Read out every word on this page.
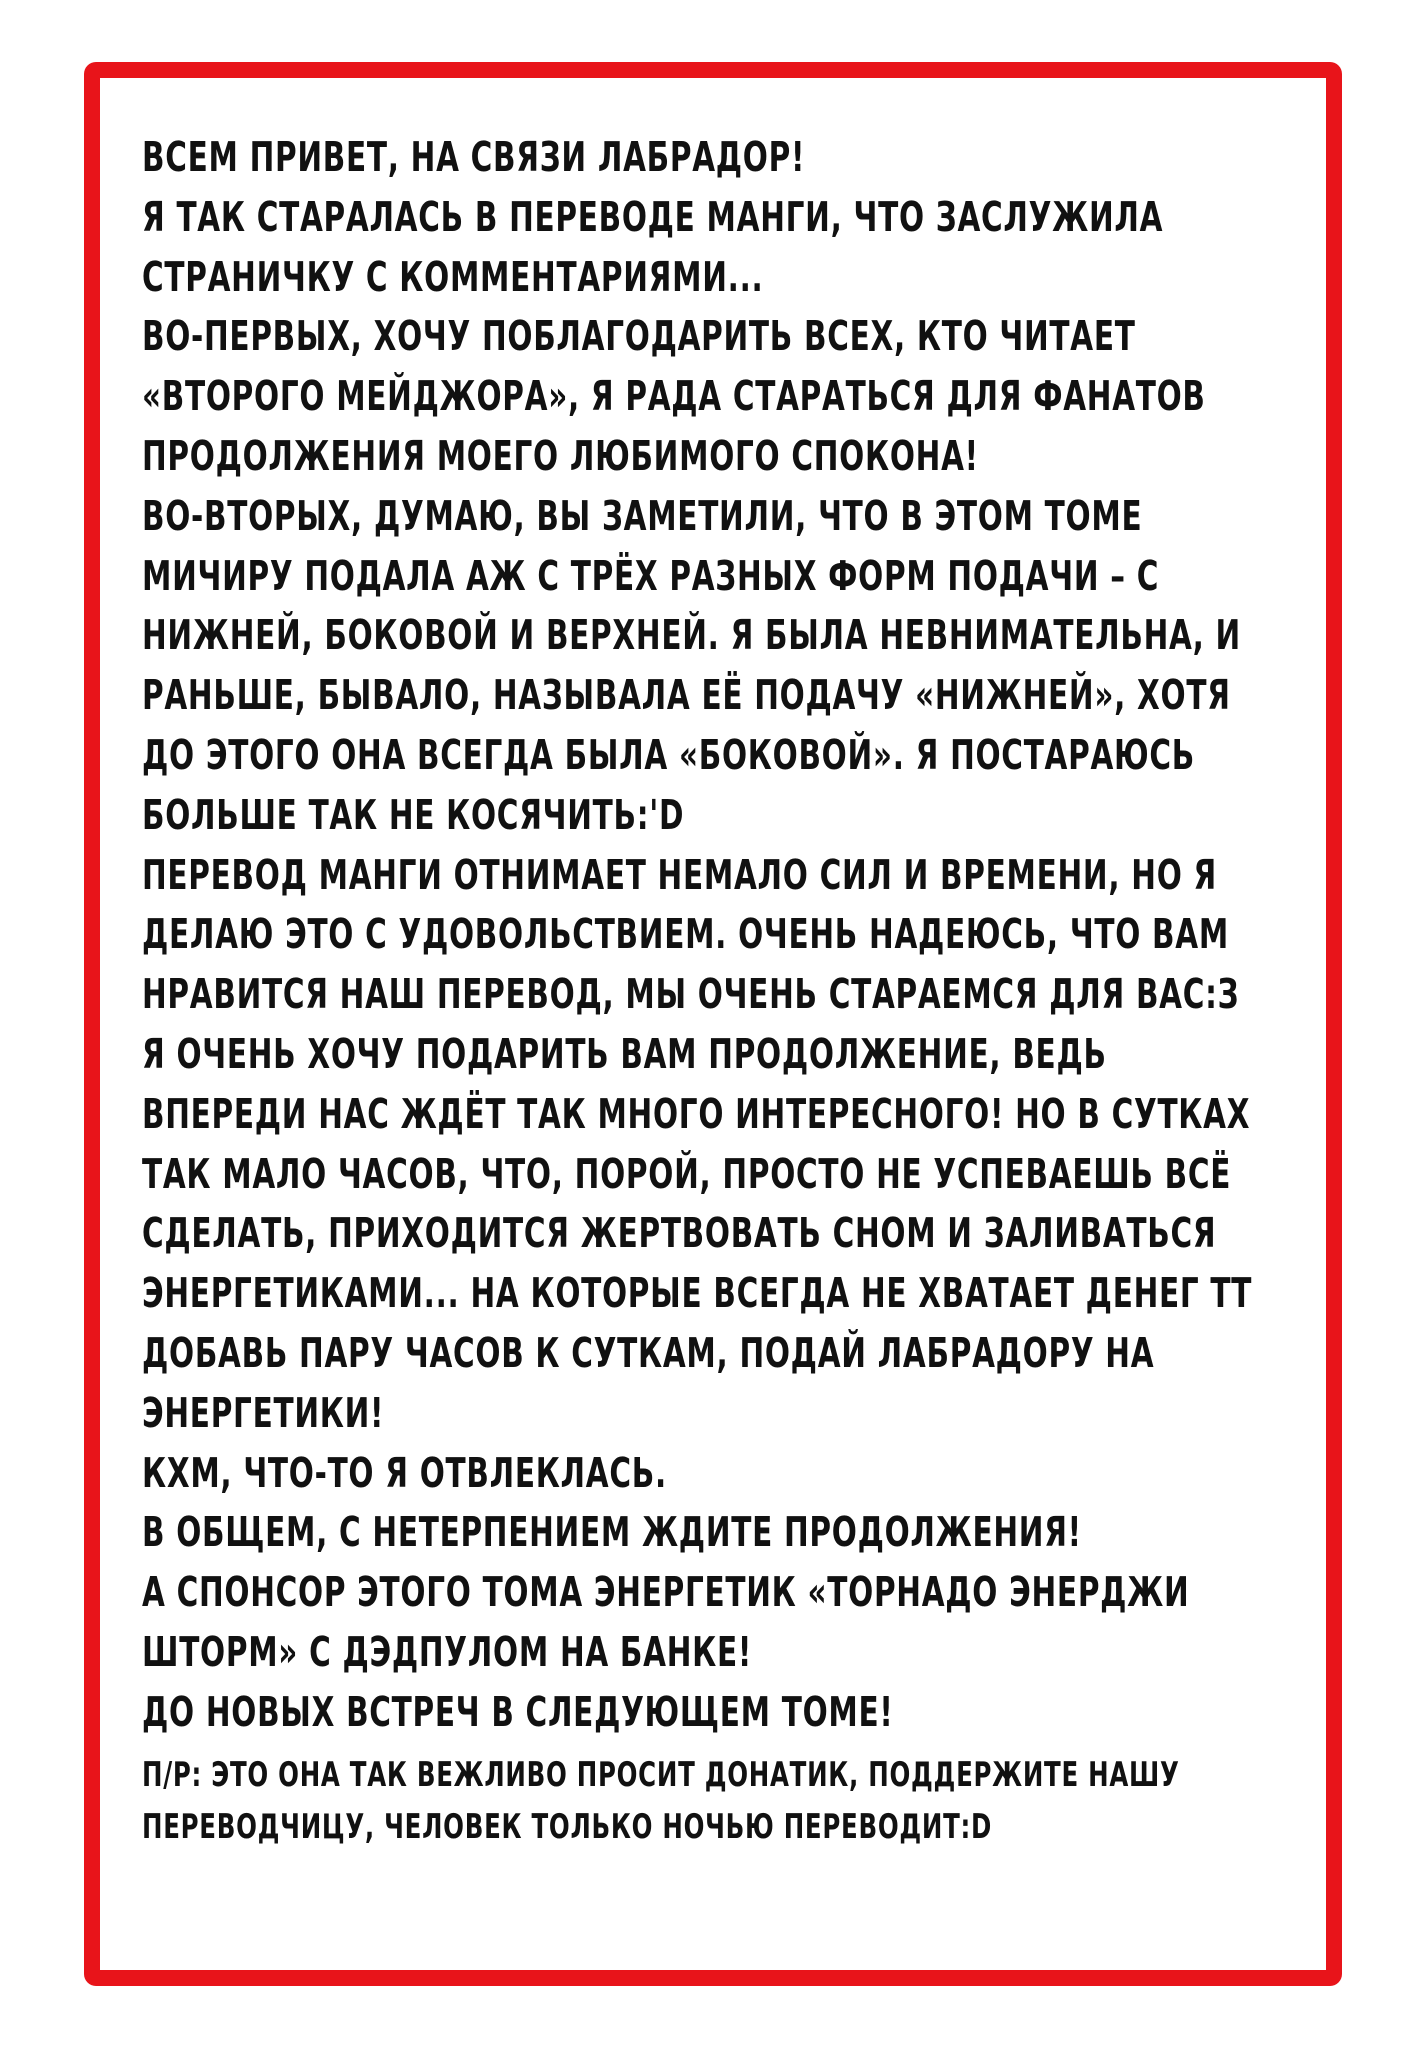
ВСЕМ ПРИВЕТ, НА СВЯЗИ ЛАБРАДОР!
Я ТАК СТАРАЛАСЬ В ПЕРЕВОДЕ МАНГИ, ЧТО ЗАСЛУЖИЛА
СТРАНИЧКУ С КОММЕНТАРИЯМИ...
ВО-ПЕРВЫХ, ХОЧУ ПОБЛАГОДАРИТЬ ВСЕХ, КТО ЧИТАЕТ
«ВТОРОГО МЕЙДЖОРА», Я РАДА СТАРАТЬСЯ ДЛЯ ФАНАТОВ
ПРОДОЛЖЕНИЯ МОЕГО ЛЮБИМОГО СПОКОНА!
ВО-ВТОРЫХ, ДУМАЮ, ВЫ ЗАМЕТИЛИ, ЧТО В ЭТОМ ТОМЕ
МИЧИРУ ПОДАЛА АЖ С ТРЁХ РАЗНЫХ ФОРМ ПОДАЧИ – С
НИЖНЕЙ, БОКОВОЙ И ВЕРХНЕЙ. Я БЫЛА НЕВНИМАТЕЛЬНА, И
РАНЬШЕ, БЫВАЛО, НАЗЫВАЛА ЕЁ ПОДАЧУ «НИЖНЕЙ», ХОТЯ
ДО ЭТОГО ОНА ВСЕГДА БЫЛА «БОКОВОЙ». Я ПОСТАРАЮСЬ
БОЛЬШЕ ТАК НЕ КОСЯЧИТЬ:'D
ПЕРЕВОД МАНГИ ОТНИМАЕТ НЕМАЛО СИЛ И ВРЕМЕНИ, НО Я
ДЕЛАЮ ЭТО С УДОВОЛЬСТВИЕМ. ОЧЕНЬ НАДЕЮСЬ, ЧТО ВАМ
НРАВИТСЯ НАШ ПЕРЕВОД, МЫ ОЧЕНЬ СТАРАЕМСЯ ДЛЯ ВАС:З
Я ОЧЕНЬ ХОЧУ ПОДАРИТЬ ВАМ ПРОДОЛЖЕНИЕ, ВЕДЬ
ВПЕРЕДИ НАС ЖДЁТ ТАК МНОГО ИНТЕРЕСНОГО! НО В СУТКАХ
ТАК МАЛО ЧАСОВ, ЧТО, ПОРОЙ, ПРОСТО НЕ УСПЕВАЕШЬ ВСЁ
СДЕЛАТЬ, ПРИХОДИТСЯ ЖЕРТВОВАТЬ СНОМ И ЗАЛИВАТЬСЯ
ЭНЕРГЕТИКАМИ... НА КОТОРЫЕ ВСЕГДА НЕ ХВАТАЕТ ДЕНЕГ ТТ
ДОБАВЬ ПАРУ ЧАСОВ К СУТКАМ, ПОДАЙ ЛАБРАДОРУ НА
ЭНЕРГЕТИКИ!
КХМ, ЧТО-ТО Я ОТВЛЕКЛАСЬ.
В ОБЩЕМ, С НЕТЕРПЕНИЕМ ЖДИТЕ ПРОДОЛЖЕНИЯ!
А СПОНСОР ЭТОГО ТОМА ЭНЕРГЕТИК «ТОРНАДО ЭНЕРДЖИ
ШТОРМ» С ДЭДПУЛОМ НА БАНКЕ!
ДО НОВЫХ ВСТРЕЧ В СЛЕДУЮЩЕМ ТОМЕ!
П/Р: ЭТО ОНА ТАК ВЕЖЛИВО ПРОСИТ ДОНАТИК, ПОДДЕРЖИТЕ НАШУ
ПЕРЕВОДЧИЦУ, ЧЕЛОВЕК ТОЛЬКО НОЧЬЮ ПЕРЕВОДИТ:D
